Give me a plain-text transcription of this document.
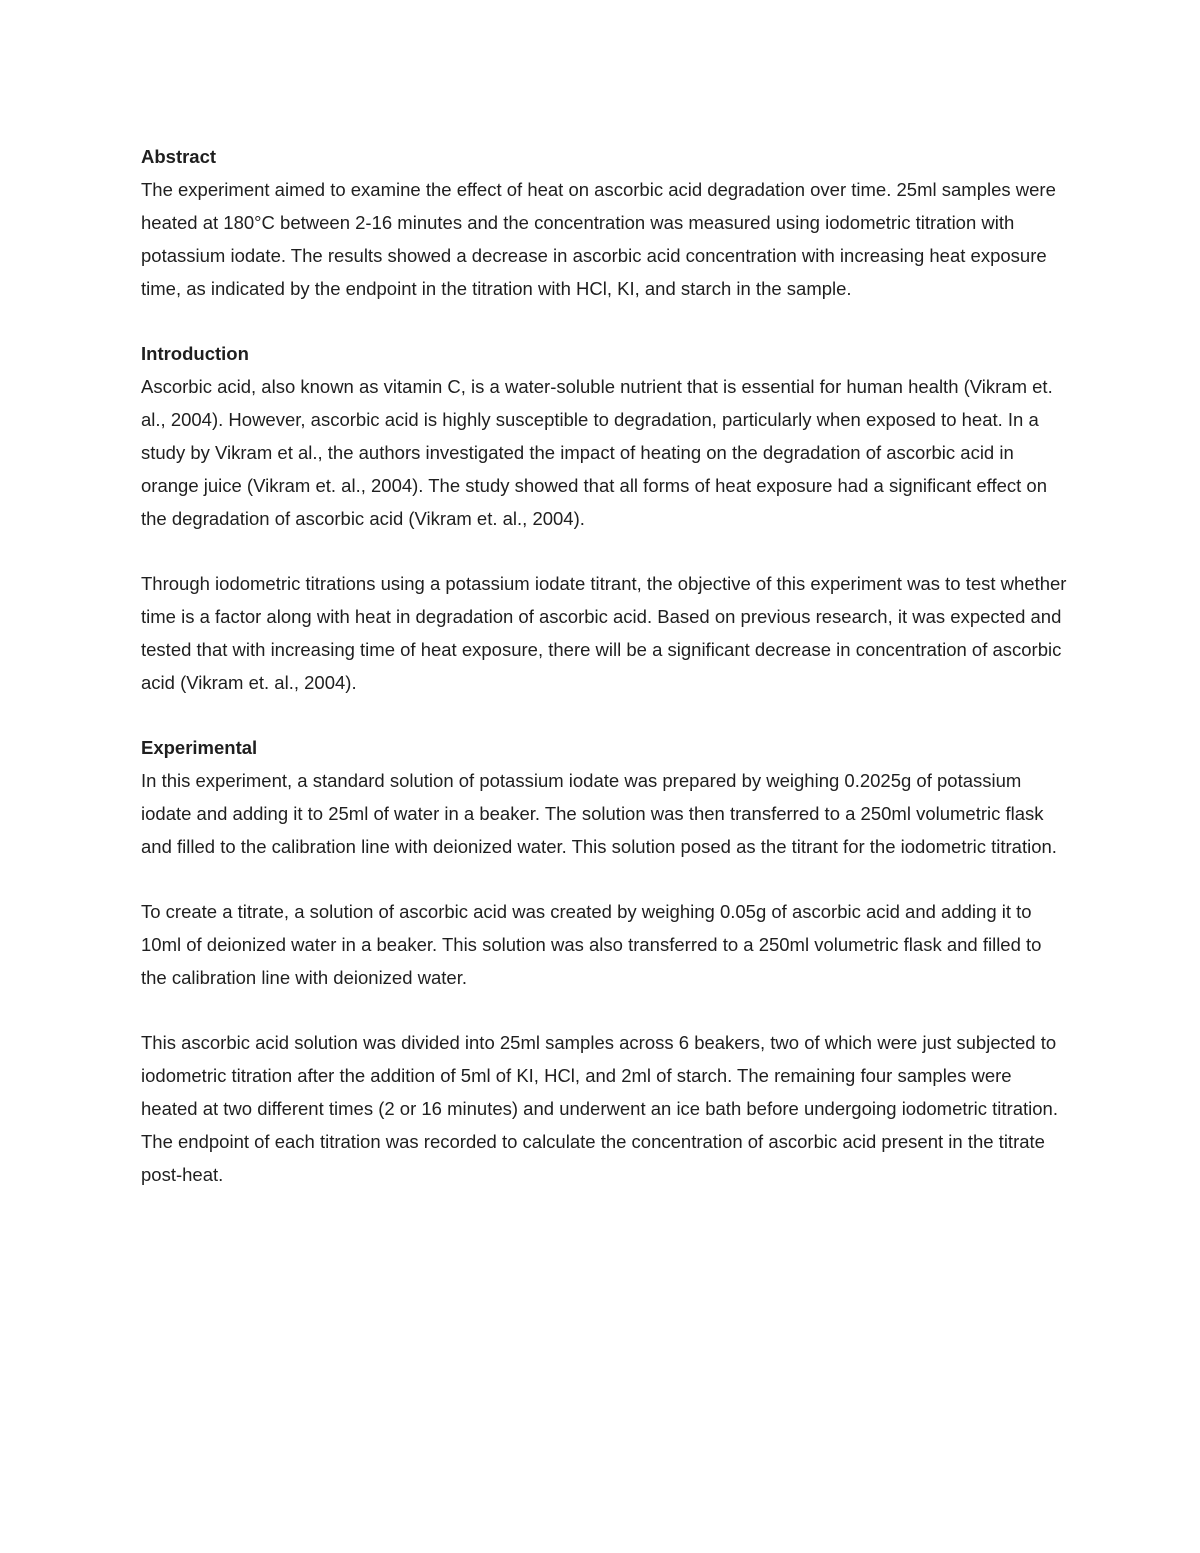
Abstract

The experiment aimed to examine the effect of heat on ascorbic acid degradation over time. 25ml samples were heated at 180°C between 2-16 minutes and the concentration was measured using iodometric titration with potassium iodate. The results showed a decrease in ascorbic acid concentration with increasing heat exposure time, as indicated by the endpoint in the titration with HCl, KI, and starch in the sample.

Introduction

Ascorbic acid, also known as vitamin C, is a water-soluble nutrient that is essential for human health (Vikram et. al., 2004). However, ascorbic acid is highly susceptible to degradation, particularly when exposed to heat. In a study by Vikram et al., the authors investigated the impact of heating on the degradation of ascorbic acid in orange juice (Vikram et. al., 2004). The study showed that all forms of heat exposure had a significant effect on the degradation of ascorbic acid (Vikram et. al., 2004).

Through iodometric titrations using a potassium iodate titrant, the objective of this experiment was to test whether time is a factor along with heat in degradation of ascorbic acid. Based on previous research, it was expected and tested that with increasing time of heat exposure, there will be a significant decrease in concentration of ascorbic acid (Vikram et. al., 2004).

Experimental

In this experiment, a standard solution of potassium iodate was prepared by weighing 0.2025g of potassium iodate and adding it to 25ml of water in a beaker. The solution was then transferred to a 250ml volumetric flask and filled to the calibration line with deionized water. This solution posed as the titrant for the iodometric titration.

To create a titrate, a solution of ascorbic acid was created by weighing 0.05g of ascorbic acid and adding it to 10ml of deionized water in a beaker. This solution was also transferred to a 250ml volumetric flask and filled to the calibration line with deionized water.

This ascorbic acid solution was divided into 25ml samples across 6 beakers, two of which were just subjected to iodometric titration after the addition of 5ml of KI, HCl, and 2ml of starch. The remaining four samples were heated at two different times (2 or 16 minutes) and underwent an ice bath before undergoing iodometric titration. The endpoint of each titration was recorded to calculate the concentration of ascorbic acid present in the titrate post-heat.
